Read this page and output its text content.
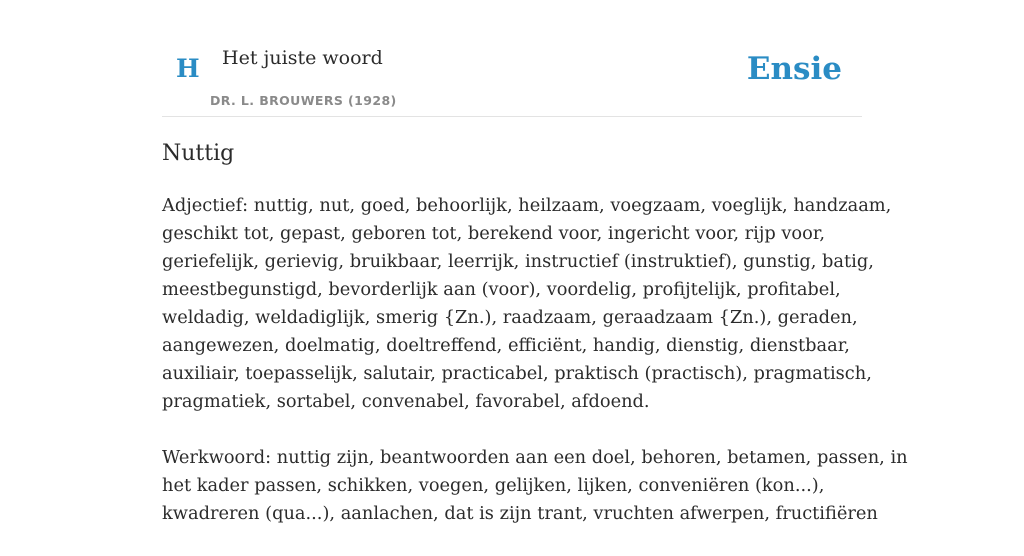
H Het juiste woord
DR. L. BROUWERS (1928)
Ensie
Nuttig

Adjectief: nuttig, nut, goed, behoorlijk, heilzaam, voegzaam, voeglijk, handzaam,
geschikt tot, gepast, geboren tot, berekend voor, ingericht voor, rijp voor,
geriefelijk, gerievig, bruikbaar, leerrijk, instructief (instruktief), gunstig, batig,
meestbegunstigd, bevorderlijk aan (voor), voordelig, profijtelijk, profitabel,
weldadig, weldadiglijk, smerig {Zn.), raadzaam, geraadzaam {Zn.), geraden,
aangewezen, doelmatig, doeltreffend, efficiënt, handig, dienstig, dienstbaar,
auxiliair, toepasselijk, salutair, practicabel, praktisch (practisch), pragmatisch,
pragmatiek, sortabel, convenabel, favorabel, afdoend.

Werkwoord: nuttig zijn, beantwoorden aan een doel, behoren, betamen, passen, in
het kader passen, schikken, voegen, gelijken, lijken, conveniëren (kon...),
kwadreren (qua...), aanlachen, dat is zijn trant, vruchten afwerpen, fructifiëren
